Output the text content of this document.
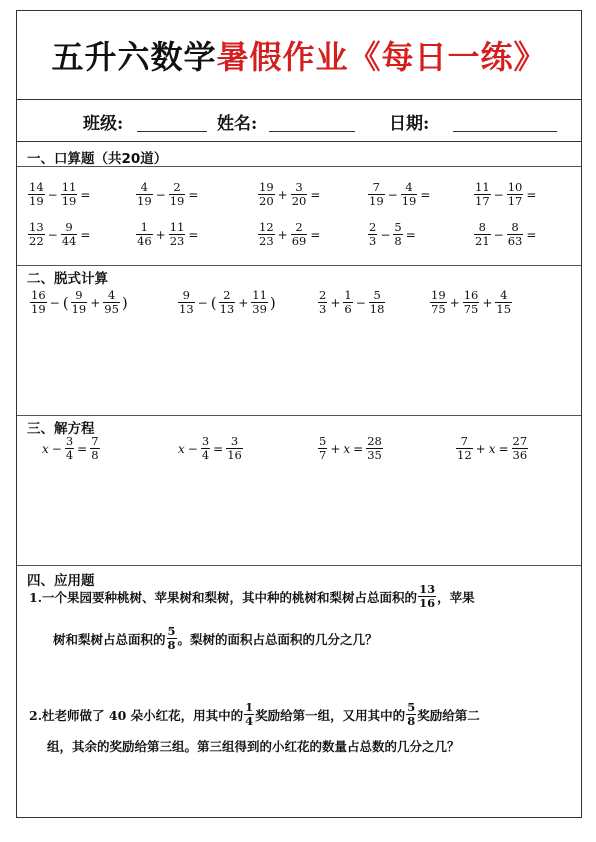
五升六数学暑假作业《每日一练》
班级:	姓名:	日期:
一、口算题（共20道）
$\frac{14}{19} - \frac{11}{19}$ =	$\frac{4}{19} - \frac{2}{19}$ =	$\frac{19}{20} + \frac{3}{20}$ =	$\frac{7}{19} - \frac{4}{19}$ =	$\frac{11}{17} - \frac{10}{17}$ =
$\frac{13}{22} - \frac{9}{44}$ =	$\frac{1}{46} + \frac{11}{23}$ =	$\frac{12}{23} + \frac{2}{69}$ =	$\frac{2}{3} - \frac{5}{8}$ =	$\frac{8}{21} - \frac{8}{63}$ =
二、脱式计算
$\frac{16}{19}$ − ( $\frac{9}{19} + \frac{4}{95}$ )	$\frac{9}{13}$ − ( $\frac{2}{13} + \frac{11}{39}$ )	$\frac{2}{3} + \frac{1}{6} - \frac{5}{18}$	$\frac{19}{75} + \frac{16}{75} + \frac{4}{15}$
三、解方程
$x - \frac{3}{4} = \frac{7}{8}$	$x - \frac{3}{4} = \frac{3}{16}$	$\frac{5}{7} + x = \frac{28}{35}$	$\frac{7}{12} + x = \frac{27}{36}$
四、应用题
1.一个果园要种桃树、苹果树和梨树，其中种的桃树和梨树占总面积的 $\frac{13}{16}$ ，苹果
树和梨树占总面积的 $\frac{5}{8}$ 。梨树的面积占总面积的几分之几？
2.杜老师做了 40 朵小红花，用其中的 $\frac{1}{4}$ 奖励给第一组，又用其中的 $\frac{5}{8}$ 奖励给第二
组，其余的奖励给第三组。第三组得到的小红花的数量占总数的几分之几？
